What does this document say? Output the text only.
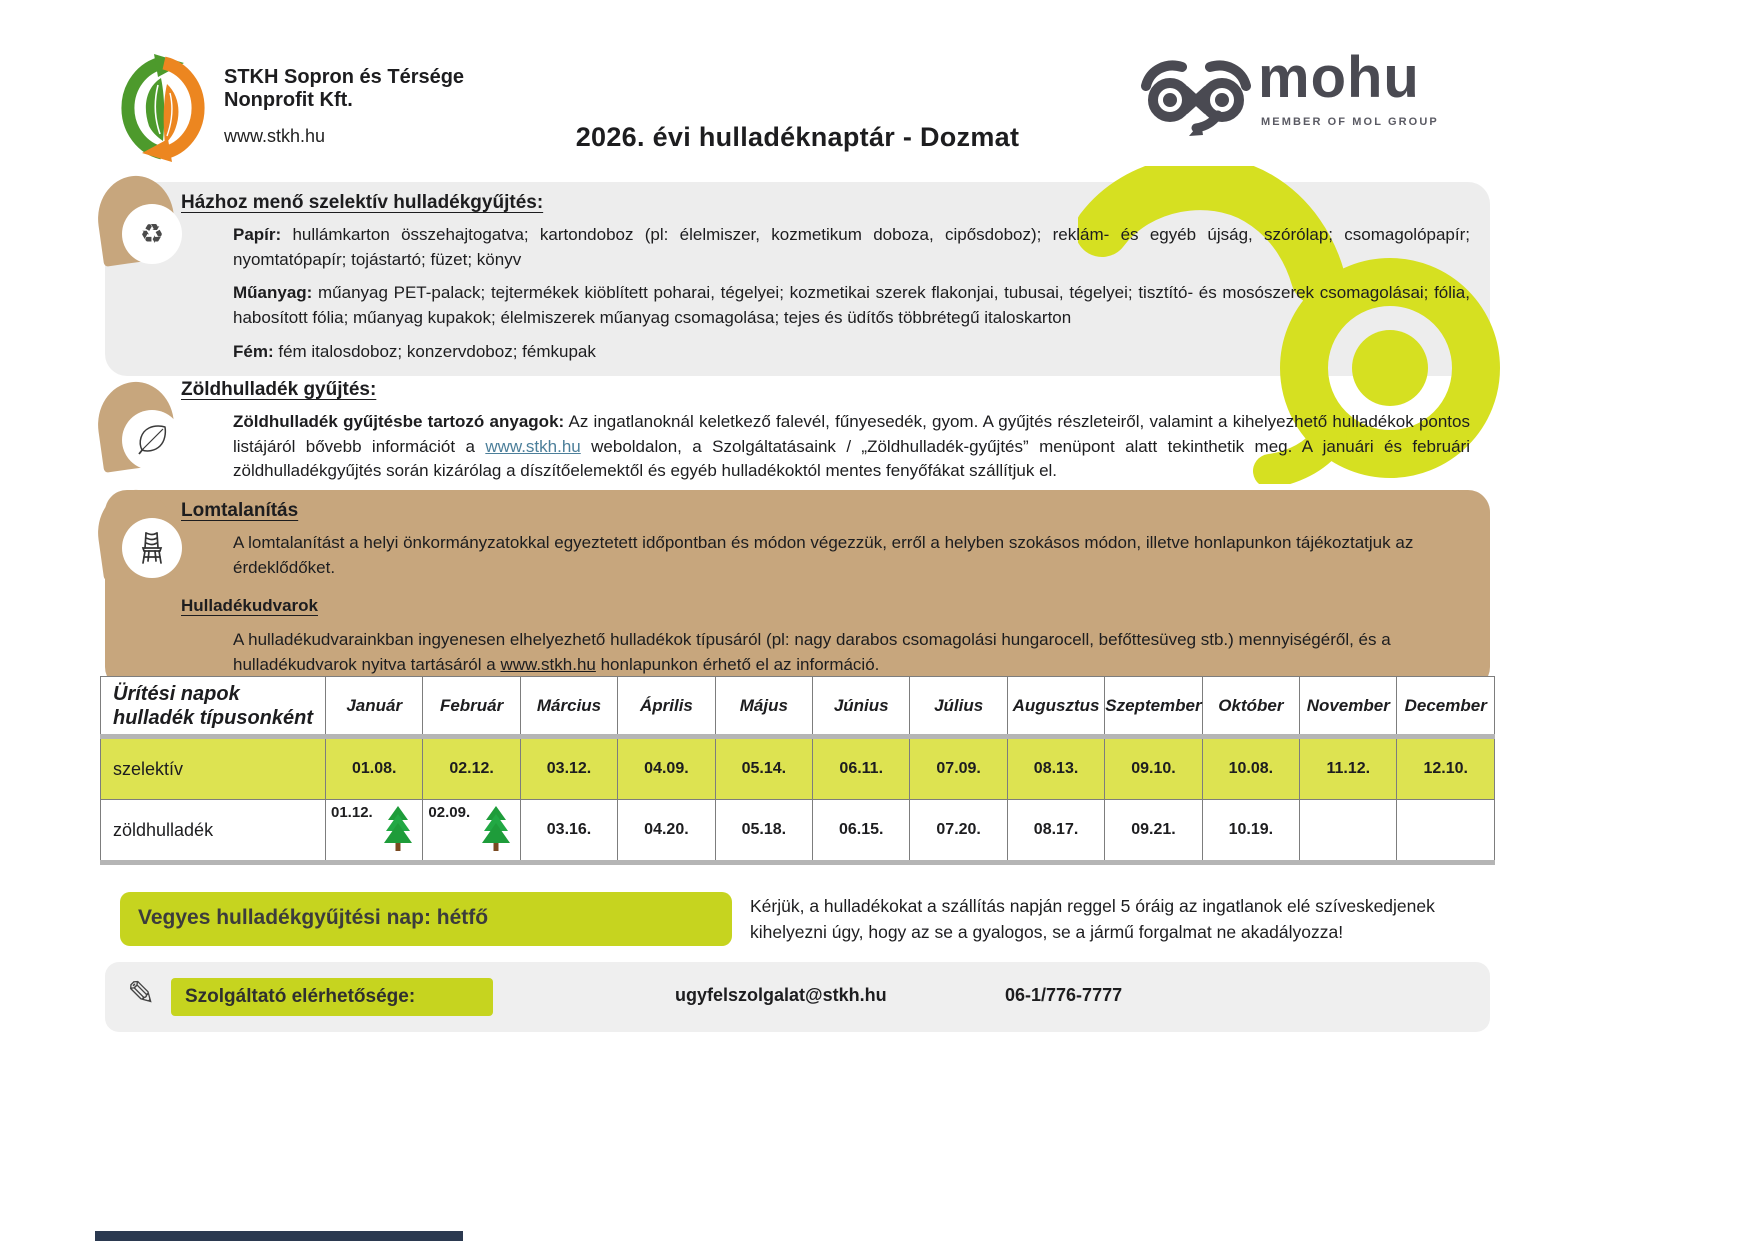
STKH Sopron és Térsége
Nonprofit Kft.
www.stkh.hu	2026. évi hulladéknaptár - Dozmat
mohu
MEMBER OF MOL GROUP
Házhoz menő szelektív hulladékgyűjtés:

Papír: hullámkarton összehajtogatva; kartondoboz (pl: élelmiszer, kozmetikum doboza, cipősdoboz); reklám- és egyéb újság, szórólap; csomagolópapír; nyomtatópapír; tojástartó; füzet; könyv

Műanyag: műanyag PET-palack; tejtermékek kiöblített poharai, tégelyei; kozmetikai szerek flakonjai, tubusai, tégelyei; tisztító- és mosószerek csomagolásai; fólia, habosított fólia; műanyag kupakok; élelmiszerek műanyag csomagolása; tejes és üdítős többrétegű italoskarton

Fém: fém italosdoboz; konzervdoboz; fémkupak

Zöldhulladék gyűjtés:

Zöldhulladék gyűjtésbe tartozó anyagok: Az ingatlanoknál keletkező falevél, fűnyesedék, gyom. A gyűjtés részleteiről, valamint a kihelyezhető hulladékok pontos listájáról bővebb információt a www.stkh.hu weboldalon, a Szolgáltatásaink / „Zöldhulladék-gyűjtés” menüpont alatt tekinthetik meg. A januári és februári zöldhulladékgyűjtés során kizárólag a díszítőelemektől és egyéb hulladékoktól mentes fenyőfákat szállítjuk el.

Lomtalanítás

A lomtalanítást a helyi önkormányzatokkal egyeztetett időpontban és módon végezzük, erről a helyben szokásos módon, illetve honlapunkon tájékoztatjuk az érdeklődőket.

Hulladékudvarok

A hulladékudvarainkban ingyenesen elhelyezhető hulladékok típusáról (pl: nagy darabos csomagolási hungarocell, befőttesüveg stb.) mennyiségéről, és a hulladékudvarok nyitva tartásáról a www.stkh.hu honlapunkon érhető el az információ.

♻
Ürítési napok hulladék típusonként	Január	Február	Március	Április	Május	Június	Július	Augusztus	Szeptember	Október	November	December
szelektív	01.08.	02.12.	03.12.	04.09.	05.14.	06.11.	07.09.	08.13.	09.10.	10.08.	11.12.	12.10.

zöldhulladék	01.12.	02.09.	03.16.	04.20.	05.18.	06.15.	07.20.	08.17.	09.21.	10.19.		

Vegyes hulladékgyűjtési nap: hétfő	Kérjük, a hulladékokat a szállítás napján reggel 5 óráig az ingatlanok elé szíveskedjenek kihelyezni úgy, hogy az se a gyalogos, se a jármű forgalmat ne akadályozza!
✎	Szolgáltató elérhetősége:	ugyfelszolgalat@stkh.hu	06-1/776-7777
